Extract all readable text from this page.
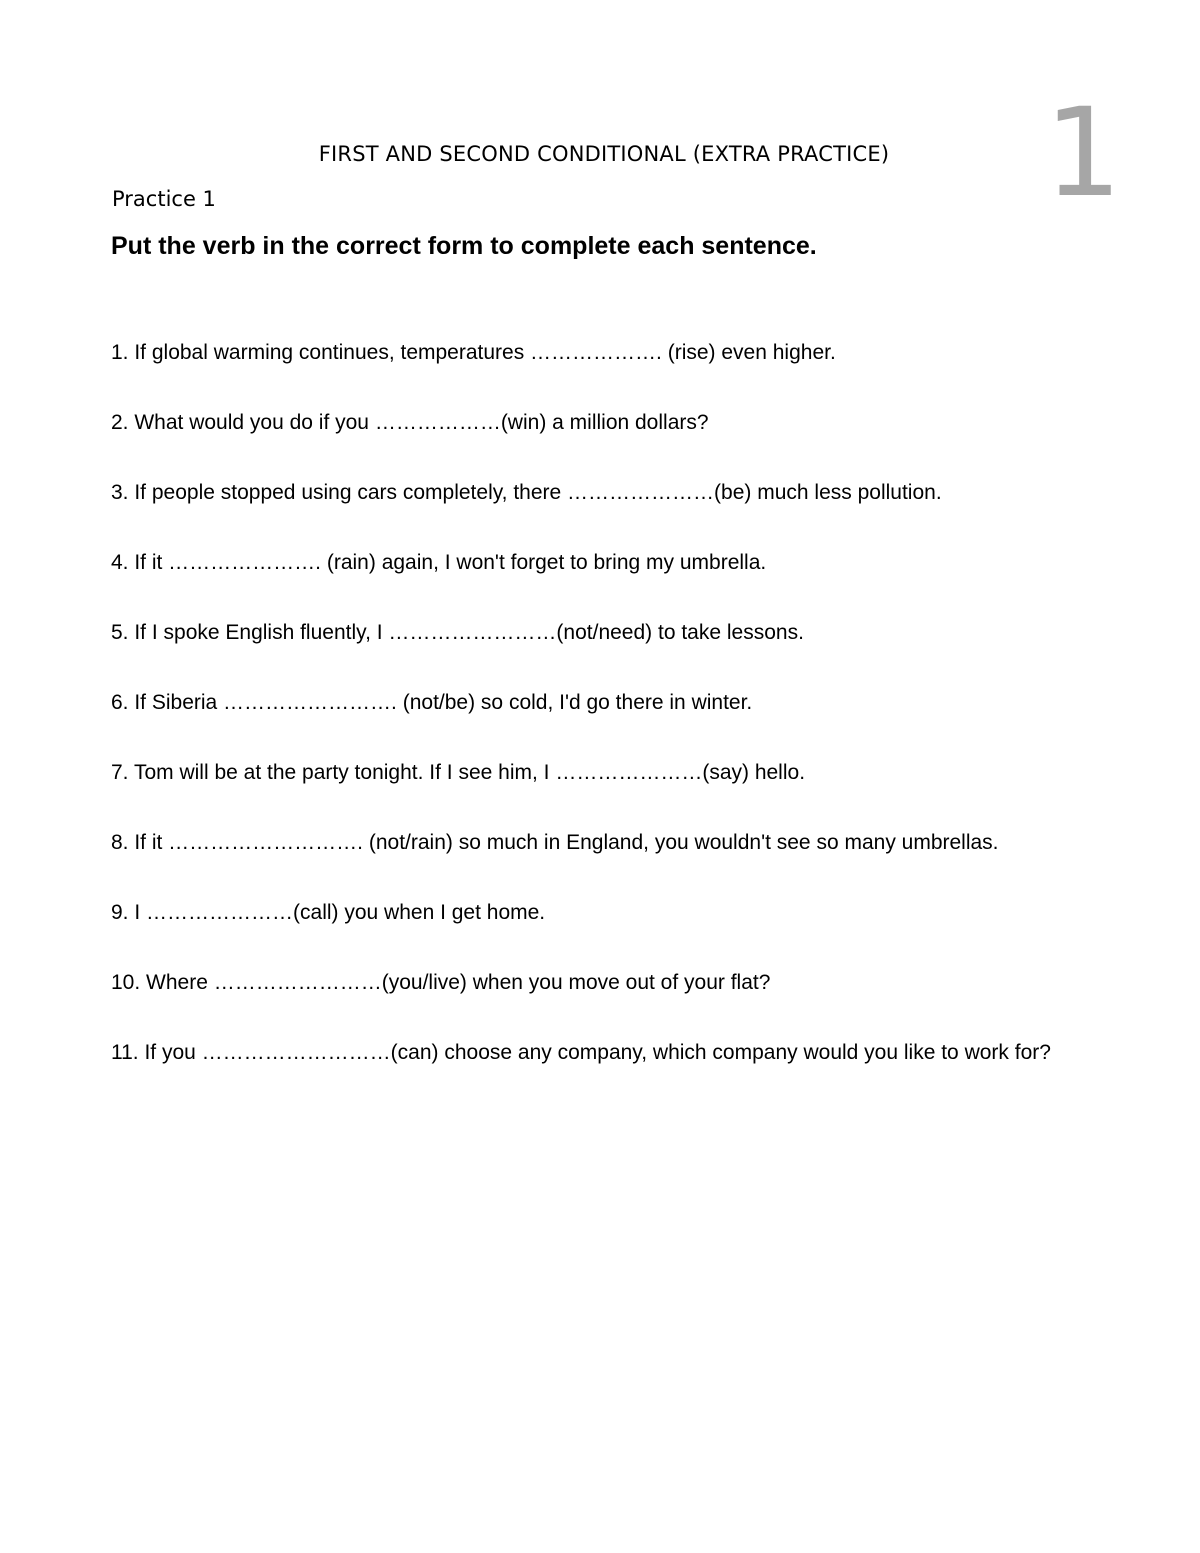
1
FIRST AND SECOND CONDITIONAL (EXTRA PRACTICE)
Practice 1
Put the verb in the correct form to complete each sentence.
1. If global warming continues, temperatures ………………. (rise) even higher.
2. What would you do if you ………………(win) a million dollars?
3. If people stopped using cars completely, there …………………(be) much less pollution.
4. If it …………………. (rain) again, I won't forget to bring my umbrella.
5. If I spoke English fluently, I ……………………(not/need) to take lessons.
6. If Siberia ……………………. (not/be) so cold, I'd go there in winter.
7. Tom will be at the party tonight. If I see him, I …………………(say) hello.
8. If it ………………………. (not/rain) so much in England, you wouldn't see so many umbrellas.
9. I …………………(call) you when I get home.
10. Where ……………………(you/live) when you move out of your flat?
11. If you ………………………(can) choose any company, which company would you like to work for?
